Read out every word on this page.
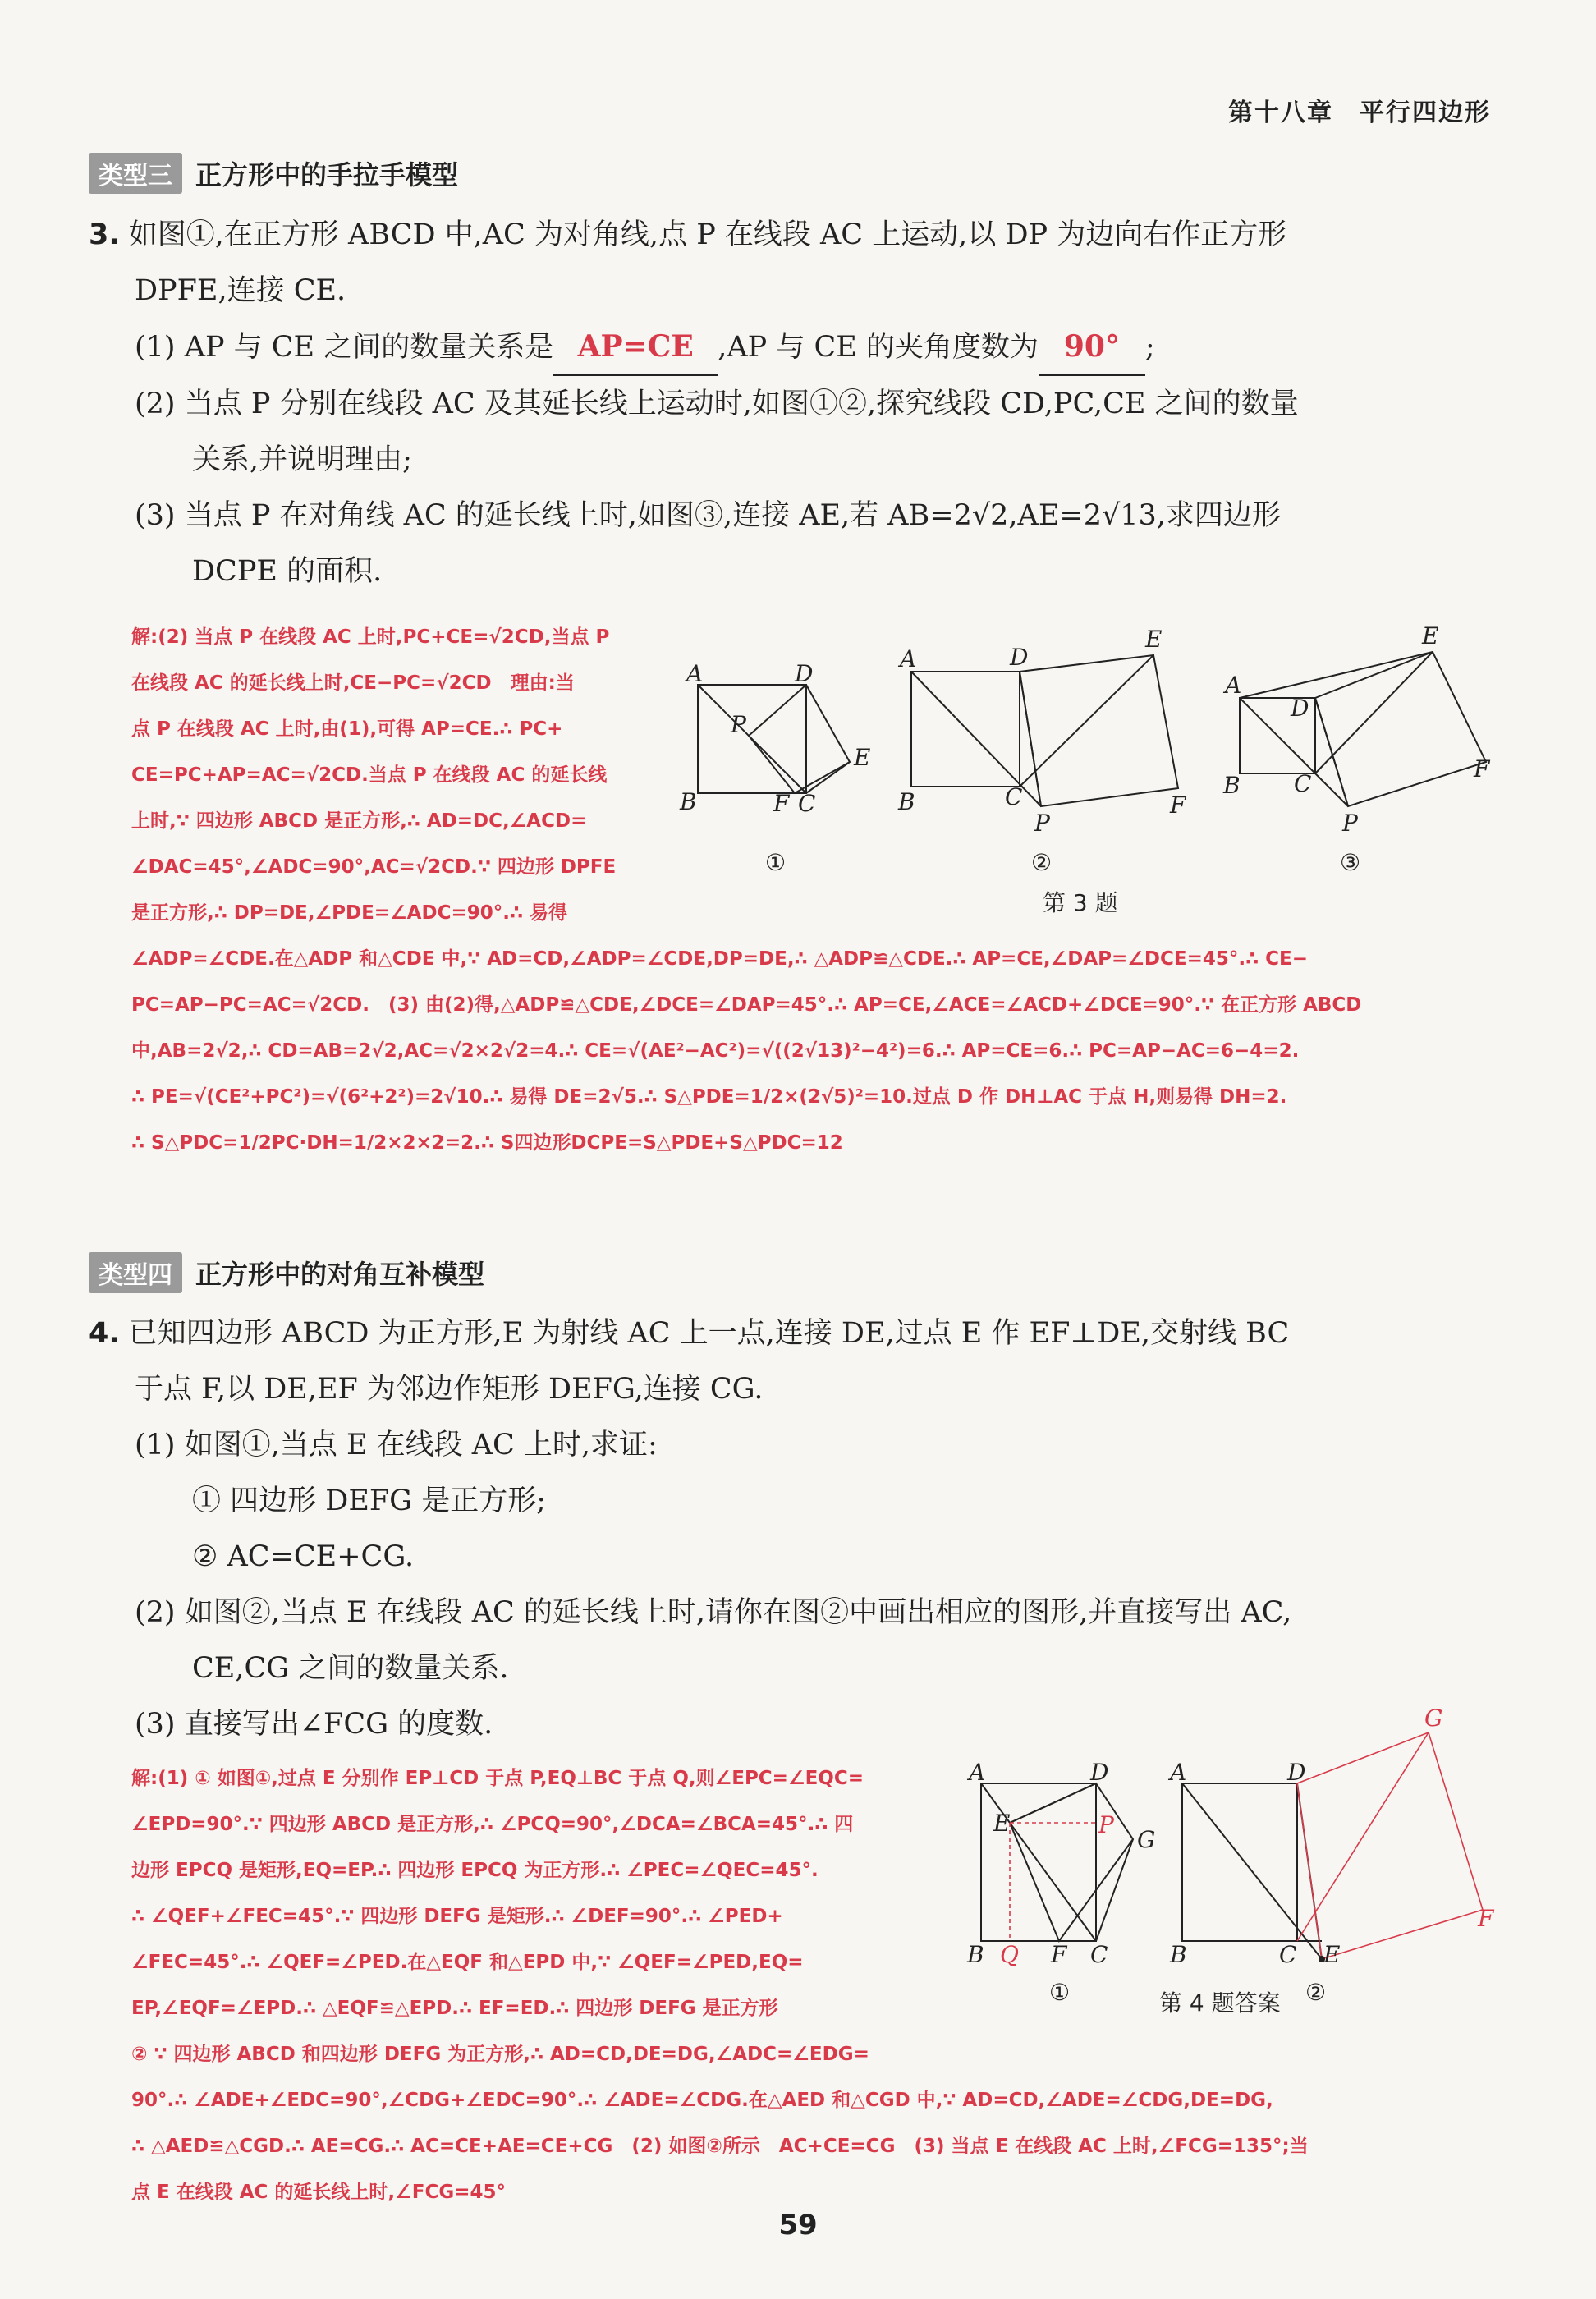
第十八章　平行四边形
类型三 正方形中的手拉手模型
3. 如图①,在正方形 ABCD 中,AC 为对角线,点 P 在线段 AC 上运动,以 DP 为边向右作正方形
DPFE,连接 CE.
(1) AP 与 CE 之间的数量关系是 AP=CE ,AP 与 CE 的夹角度数为 90° ;
(2) 当点 P 分别在线段 AC 及其延长线上运动时,如图①②,探究线段 CD,PC,CE 之间的数量
关系,并说明理由;
(3) 当点 P 在对角线 AC 的延长线上时,如图③,连接 AE,若 AB=2√2,AE=2√13,求四边形
DCPE 的面积.

解:(2) 当点 P 在线段 AC 上时,PC+CE=√2CD,当点 P

在线段 AC 的延长线上时,CE−PC=√2CD　理由:当

点 P 在线段 AC 上时,由(1),可得 AP=CE.∴ PC+

CE=PC+AP=AC=√2CD.当点 P 在线段 AC 的延长线

上时,∵ 四边形 ABCD 是正方形,∴ AD=DC,∠ACD=

∠DAC=45°,∠ADC=90°,AC=√2CD.∵ 四边形 DPFE

是正方形,∴ DP=DE,∠PDE=∠ADC=90°.∴ 易得

∠ADP=∠CDE.在△ADP 和△CDE 中,∵ AD=CD,∠ADP=∠CDE,DP=DE,∴ △ADP≌△CDE.∴ AP=CE,∠DAP=∠DCE=45°.∴ CE−

PC=AP−PC=AC=√2CD.　(3) 由(2)得,△ADP≌△CDE,∠DCE=∠DAP=45°.∴ AP=CE,∠ACE=∠ACD+∠DCE=90°.∵ 在正方形 ABCD

中,AB=2√2,∴ CD=AB=2√2,AC=√2×2√2=4.∴ CE=√(AE²−AC²)=√((2√13)²−4²)=6.∴ AP=CE=6.∴ PC=AP−AC=6−4=2.

∴ PE=√(CE²+PC²)=√(6²+2²)=2√10.∴ 易得 DE=2√5.∴ S△PDE=1/2×(2√5)²=10.过点 D 作 DH⊥AC 于点 H,则易得 DH=2.

∴ S△PDC=1/2PC·DH=1/2×2×2=2.∴ S四边形DCPE=S△PDE+S△PDC=12

A	D
P
B	F C
E
A	D
E
B	C
P
F
A
D
E
B C
P
F
①	②	③
第 3 题
类型四 正方形中的对角互补模型
4. 已知四边形 ABCD 为正方形,E 为射线 AC 上一点,连接 DE,过点 E 作 EF⊥DE,交射线 BC
于点 F,以 DE,EF 为邻边作矩形 DEFG,连接 CG.
(1) 如图①,当点 E 在线段 AC 上时,求证:
① 四边形 DEFG 是正方形;
② AC=CE+CG.
(2) 如图②,当点 E 在线段 AC 的延长线上时,请你在图②中画出相应的图形,并直接写出 AC,
CE,CG 之间的数量关系.
(3) 直接写出∠FCG 的度数.

解:(1) ① 如图①,过点 E 分别作 EP⊥CD 于点 P,EQ⊥BC 于点 Q,则∠EPC=∠EQC=

∠EPD=90°.∵ 四边形 ABCD 是正方形,∴ ∠PCQ=90°,∠DCA=∠BCA=45°.∴ 四

边形 EPCQ 是矩形,EQ=EP.∴ 四边形 EPCQ 为正方形.∴ ∠PEC=∠QEC=45°.

∴ ∠QEF+∠FEC=45°.∵ 四边形 DEFG 是矩形.∴ ∠DEF=90°.∴ ∠PED+

∠FEC=45°.∴ ∠QEF=∠PED.在△EQF 和△EPD 中,∵ ∠QEF=∠PED,EQ=

EP,∠EQF=∠EPD.∴ △EQF≌△EPD.∴ EF=ED.∴ 四边形 DEFG 是正方形

② ∵ 四边形 ABCD 和四边形 DEFG 为正方形,∴ AD=CD,DE=DG,∠ADC=∠EDG=

90°.∴ ∠ADE+∠EDC=90°,∠CDG+∠EDC=90°.∴ ∠ADE=∠CDG.在△AED 和△CGD 中,∵ AD=CD,∠ADE=∠CDG,DE=DG,

∴ △AED≌△CGD.∴ AE=CG.∴ AC=CE+AE=CE+CG　(2) 如图②所示　AC+CE=CG　(3) 当点 E 在线段 AC 上时,∠FCG=135°;当

点 E 在线段 AC 的延长线上时,∠FCG=45°

A	D
E	P
G
B Q F C
A	D
G
B	C E
F
①	②
第 4 题答案
59
